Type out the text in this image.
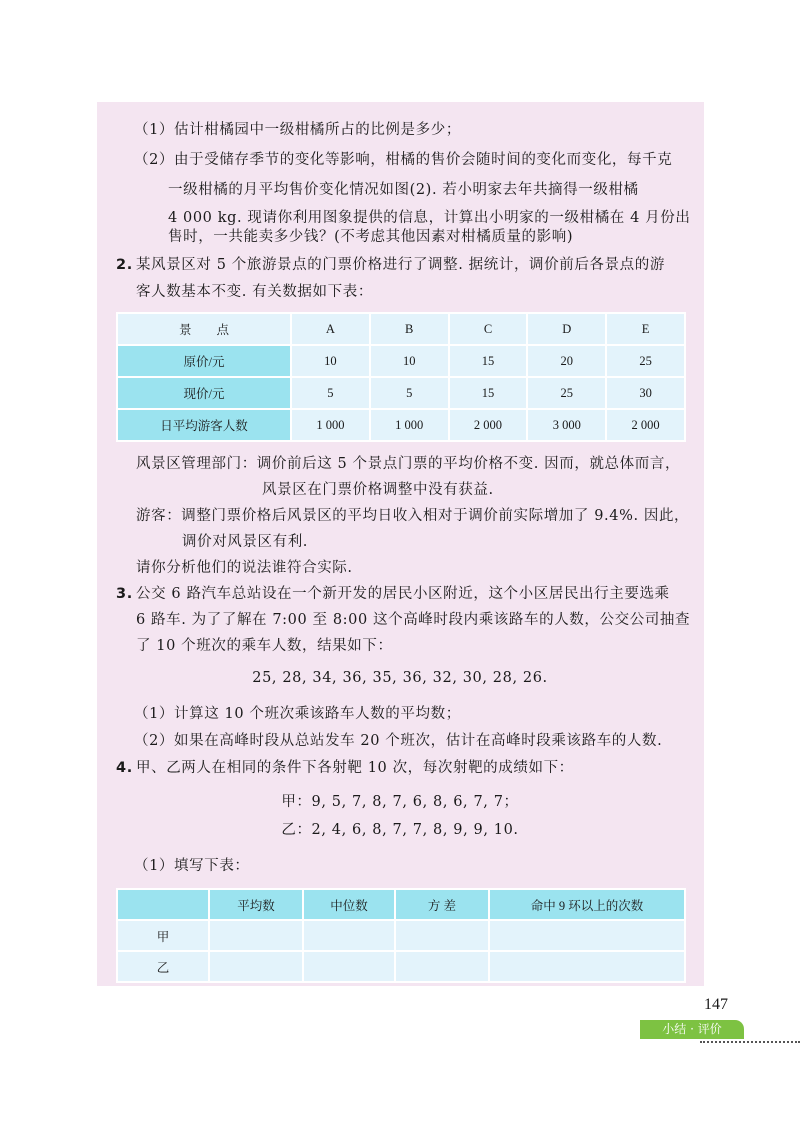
（1）估计柑橘园中一级柑橘所占的比例是多少；
（2）由于受储存季节的变化等影响，柑橘的售价会随时间的变化而变化，每千克
一级柑橘的月平均售价变化情况如图(2). 若小明家去年共摘得一级柑橘
4 000 kg. 现请你利用图象提供的信息，计算出小明家的一级柑橘在 4 月份出
售时，一共能卖多少钱？(不考虑其他因素对柑橘质量的影响)
2. 某风景区对 5 个旅游景点的门票价格进行了调整. 据统计，调价前后各景点的游
客人数基本不变. 有关数据如下表：
景　　点	A	B	C	D	E
原价/元	10	10	15	20	25
现价/元	5	5	15	25	30
日平均游客人数	1 000	1 000	2 000	3 000	2 000
风景区管理部门：调价前后这 5 个景点门票的平均价格不变. 因而，就总体而言，
风景区在门票价格调整中没有获益.
游客：调整门票价格后风景区的平均日收入相对于调价前实际增加了 9.4%. 因此，
调价对风景区有利.
请你分析他们的说法谁符合实际.
3. 公交 6 路汽车总站设在一个新开发的居民小区附近，这个小区居民出行主要选乘
6 路车. 为了了解在 7:00 至 8:00 这个高峰时段内乘该路车的人数，公交公司抽查
了 10 个班次的乘车人数，结果如下：
25, 28, 34, 36, 35, 36, 32, 30, 28, 26.
（1）计算这 10 个班次乘该路车人数的平均数；
（2）如果在高峰时段从总站发车 20 个班次，估计在高峰时段乘该路车的人数.
4. 甲、乙两人在相同的条件下各射靶 10 次，每次射靶的成绩如下：
甲：9, 5, 7, 8, 7, 6, 8, 6, 7, 7；
乙：2, 4, 6, 8, 7, 7, 8, 9, 9, 10.
（1）填写下表：
	平均数	中位数	方 差	命中 9 环以上的次数
甲				
乙				
147
小结 · 评价
